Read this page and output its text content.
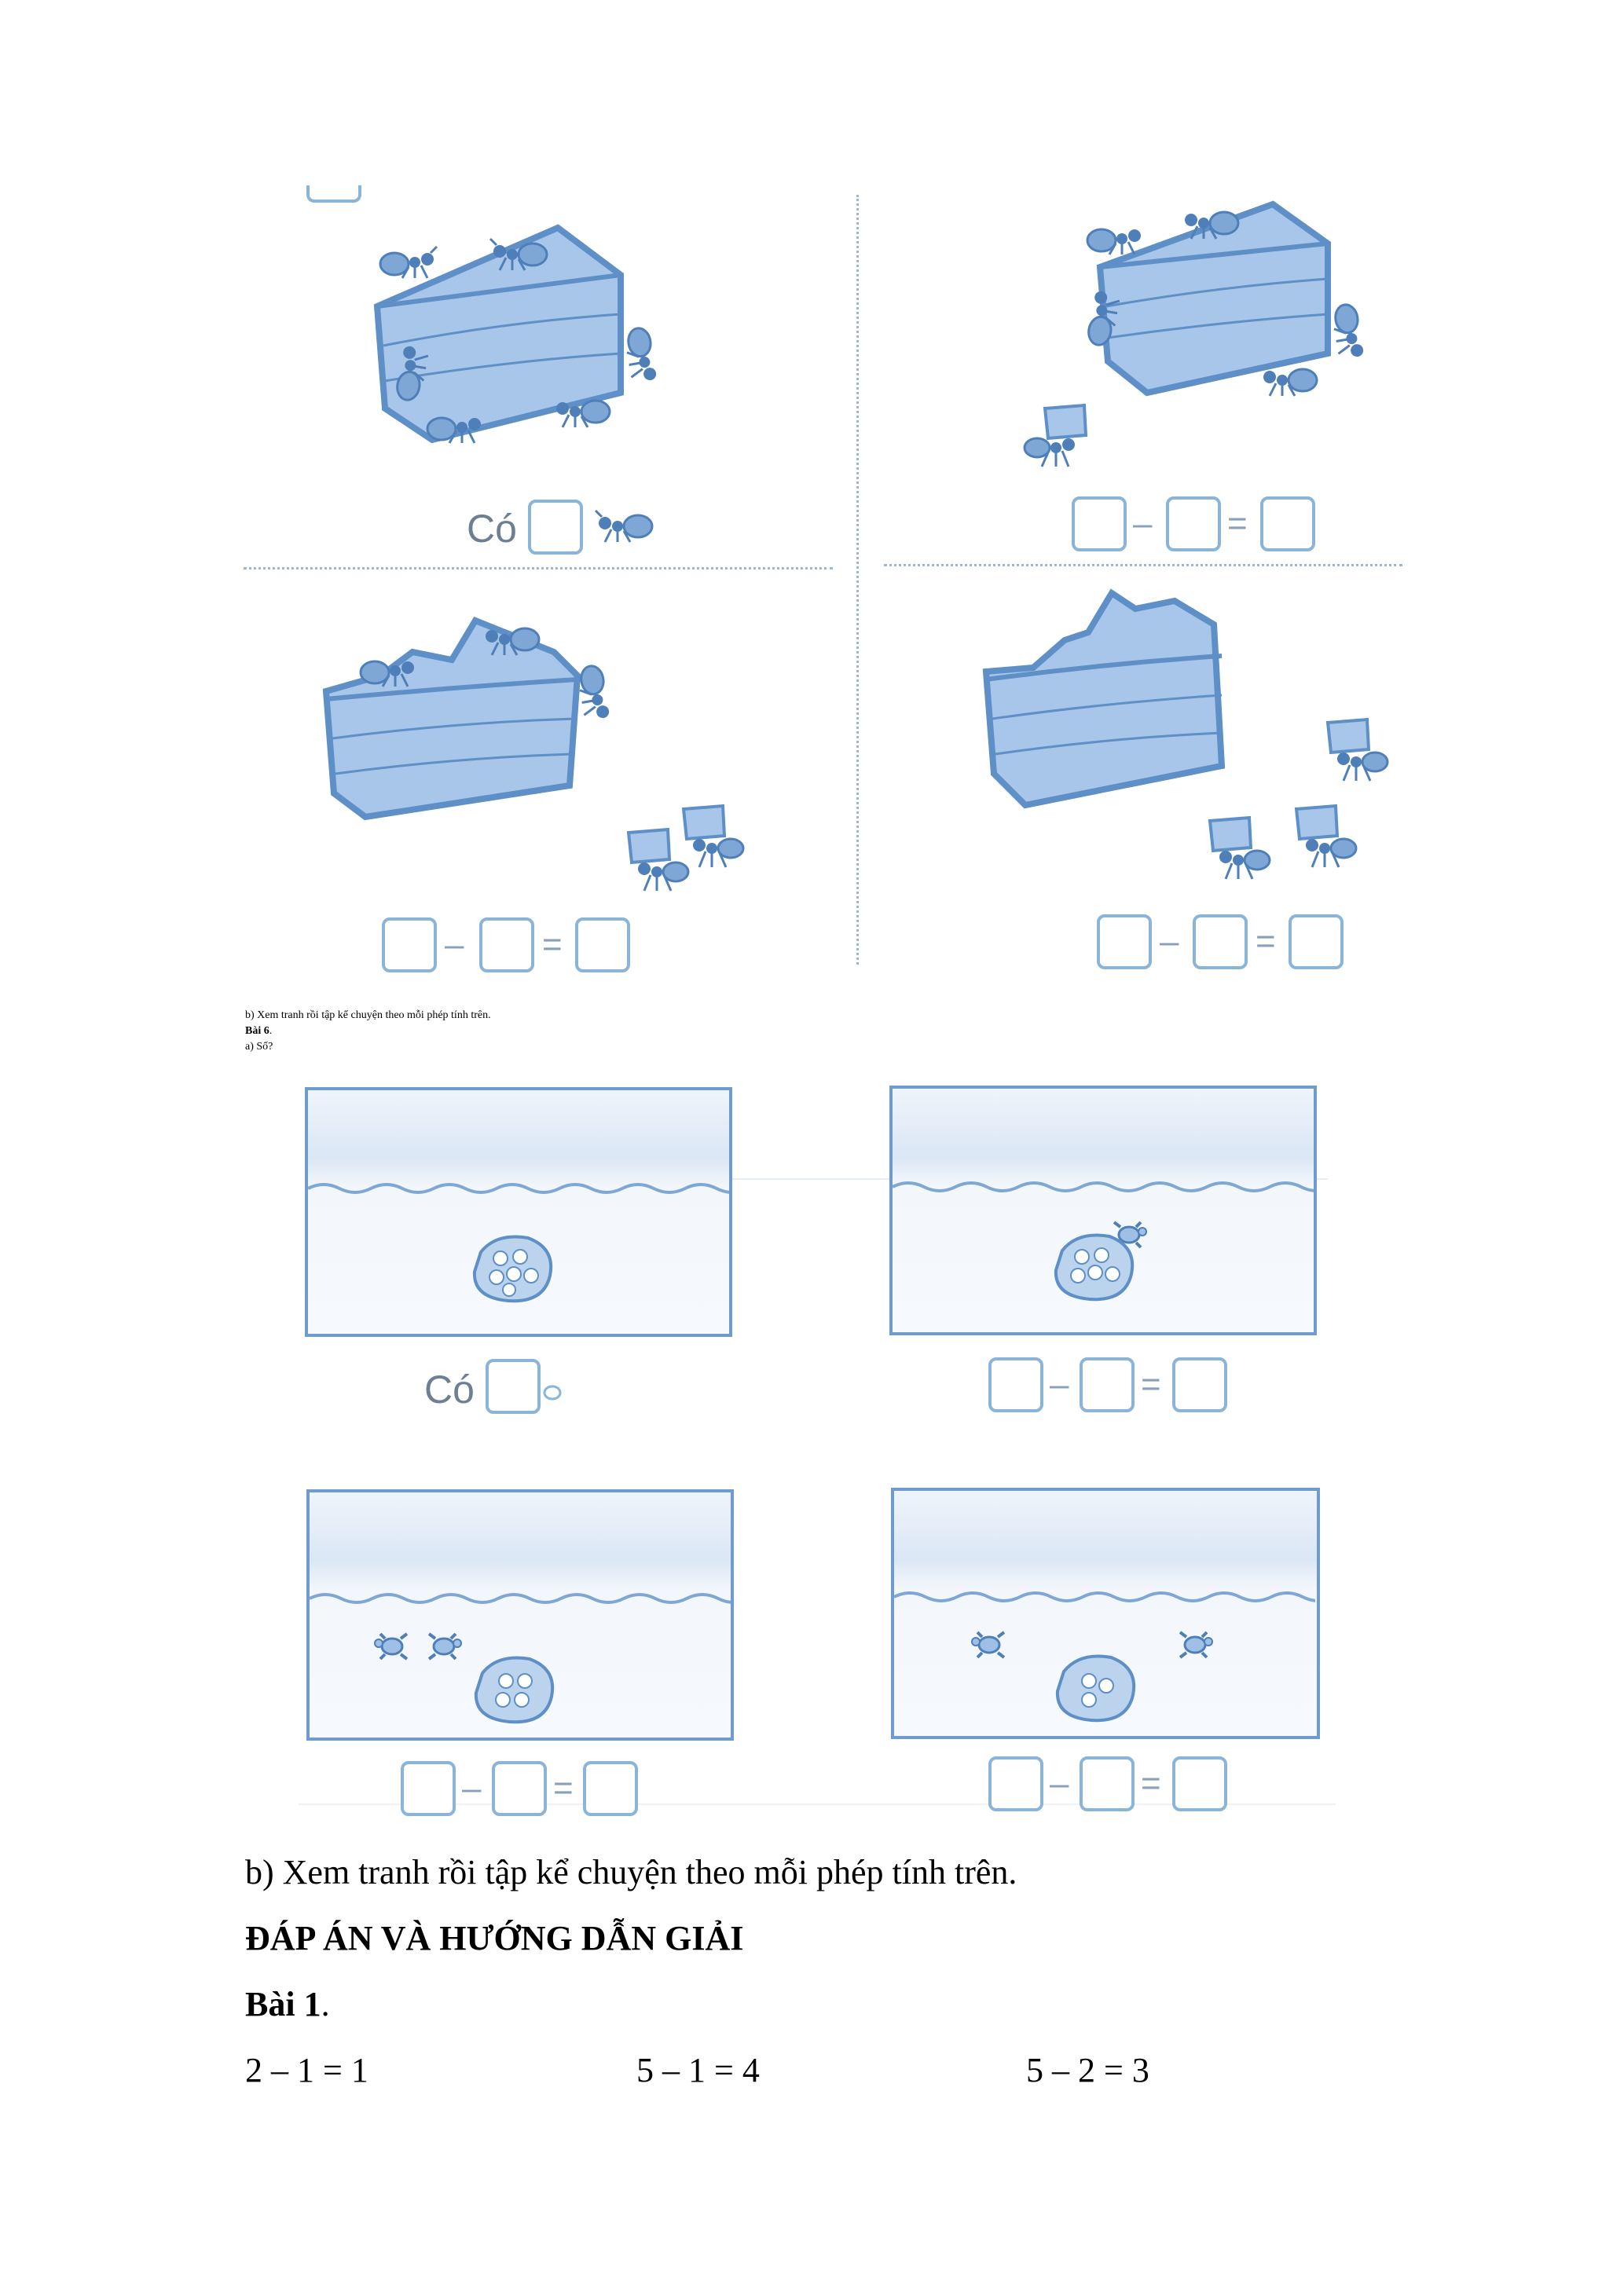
Có	– =
– =	– =
b) Xem tranh rồi tập kể chuyện theo mỗi phép tính trên.
Bài 6.
a) Số?
Có	– =
– =	– =
b) Xem tranh rồi tập kể chuyện theo mỗi phép tính trên.
ĐÁP ÁN VÀ HƯỚNG DẪN GIẢI
Bài 1.
2 – 1 = 1	5 – 1 = 4	5 – 2 = 3
